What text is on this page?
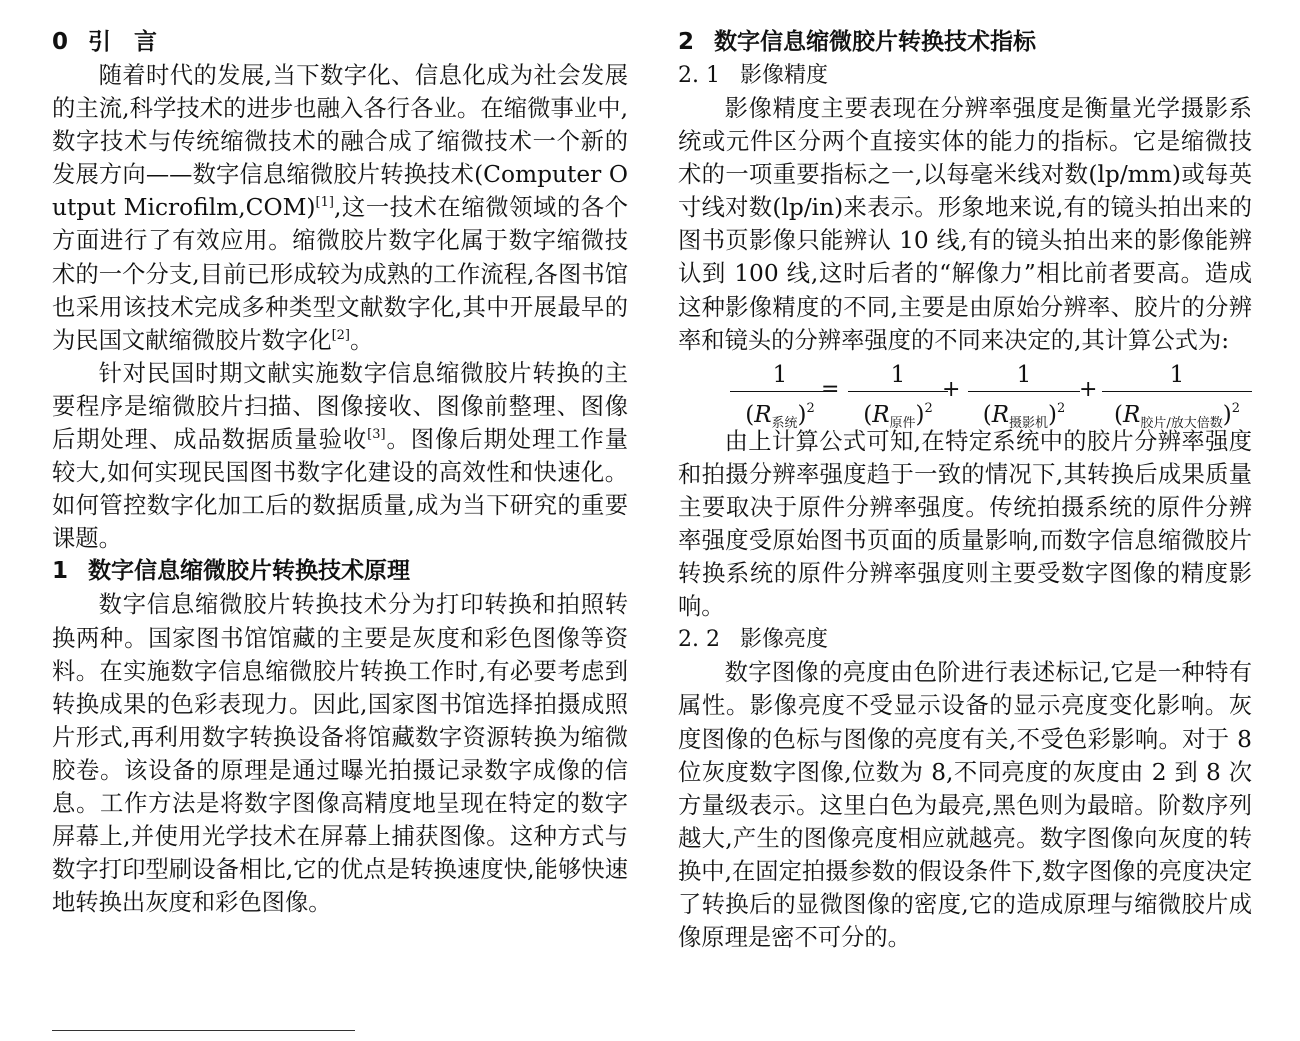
0 引　言

随着时代的发展,当下数字化、信息化成为社会发展的主流,科学技术的进步也融入各行各业。在缩微事业中,数字技术与传统缩微技术的融合成了缩微技术一个新的发展方向——数字信息缩微胶片转换技术(Computer Output Microfilm,COM)[1],这一技术在缩微领域的各个方面进行了有效应用。缩微胶片数字化属于数字缩微技术的一个分支,目前已形成较为成熟的工作流程,各图书馆也采用该技术完成多种类型文献数字化,其中开展最早的为民国文献缩微胶片数字化[2]。

针对民国时期文献实施数字信息缩微胶片转换的主要程序是缩微胶片扫描、图像接收、图像前整理、图像后期处理、成品数据质量验收[3]。图像后期处理工作量较大,如何实现民国图书数字化建设的高效性和快速化。如何管控数字化加工后的数据质量,成为当下研究的重要课题。

1 数字信息缩微胶片转换技术原理

数字信息缩微胶片转换技术分为打印转换和拍照转换两种。国家图书馆馆藏的主要是灰度和彩色图像等资料。在实施数字信息缩微胶片转换工作时,有必要考虑到转换成果的色彩表现力。因此,国家图书馆选择拍摄成照片形式,再利用数字转换设备将馆藏数字资源转换为缩微胶卷。该设备的原理是通过曝光拍摄记录数字成像的信息。工作方法是将数字图像高精度地呈现在特定的数字屏幕上,并使用光学技术在屏幕上捕获图像。这种方式与数字打印型刷设备相比,它的优点是转换速度快,能够快速地转换出灰度和彩色图像。

2 数字信息缩微胶片转换技术指标
2. 1 影像精度

影像精度主要表现在分辨率强度是衡量光学摄影系统或元件区分两个直接实体的能力的指标。它是缩微技术的一项重要指标之一,以每毫米线对数(lp/mm)或每英寸线对数(lp/in)来表示。形象地来说,有的镜头拍出来的图书页影像只能辨认 10 线,有的镜头拍出来的影像能辨认到 100 线,这时后者的“解像力”相比前者要高。造成这种影像精度的不同,主要是由原始分辨率、胶片的分辨率和镜头的分辨率强度的不同来决定的,其计算公式为:

1
$(R_{系统})^2$
=
1
$(R_{原件})^2$
+
1
$(R_{摄影机})^2$
+
1
$(R_{胶片/放大倍数})^2$

由上计算公式可知,在特定系统中的胶片分辨率强度和拍摄分辨率强度趋于一致的情况下,其转换后成果质量主要取决于原件分辨率强度。传统拍摄系统的原件分辨率强度受原始图书页面的质量影响,而数字信息缩微胶片转换系统的原件分辨率强度则主要受数字图像的精度影响。

2. 2 影像亮度

数字图像的亮度由色阶进行表述标记,它是一种特有属性。影像亮度不受显示设备的显示亮度变化影响。灰度图像的色标与图像的亮度有关,不受色彩影响。对于 8 位灰度数字图像,位数为 8,不同亮度的灰度由 2 到 8 次方量级表示。这里白色为最亮,黑色则为最暗。阶数序列越大,产生的图像亮度相应就越亮。数字图像向灰度的转换中,在固定拍摄参数的假设条件下,数字图像的亮度决定了转换后的显微图像的密度,它的造成原理与缩微胶片成像原理是密不可分的。
